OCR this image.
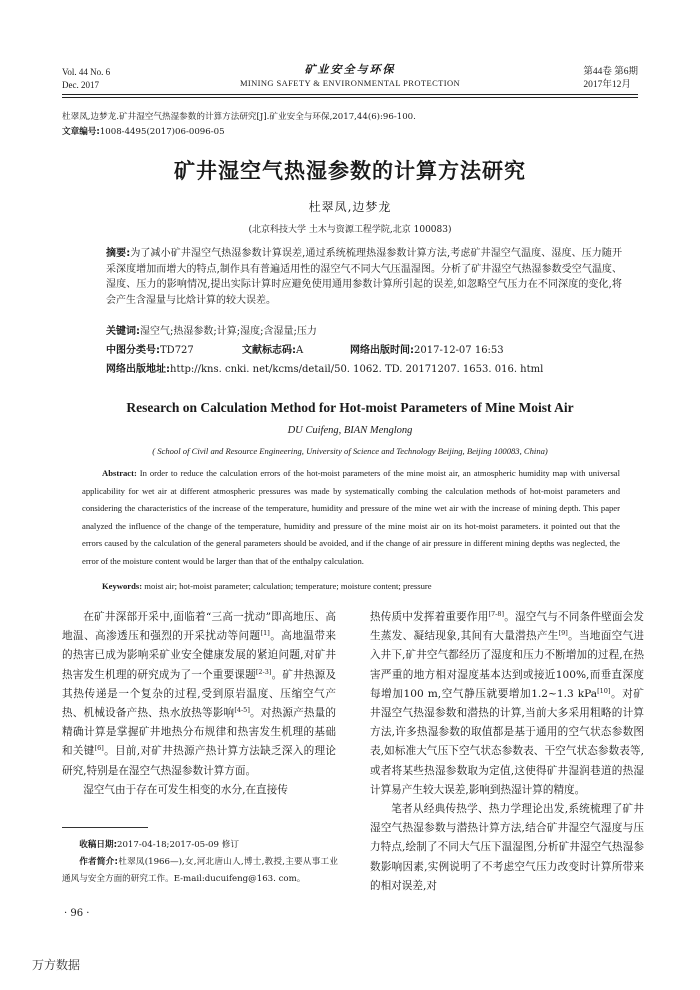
Vol. 44 No. 6
Dec. 2017
矿业安全与环保
MINING SAFETY & ENVIRONMENTAL PROTECTION
第44卷 第6期
2017年12月
杜翠凤,边梦龙.矿井湿空气热湿参数的计算方法研究[J].矿业安全与环保,2017,44(6):96-100.
文章编号:1008-4495(2017)06-0096-05
矿井湿空气热湿参数的计算方法研究
杜翠凤,边梦龙
(北京科技大学 土木与资源工程学院,北京 100083)
摘要:为了减小矿井湿空气热湿参数计算误差,通过系统梳理热湿参数计算方法,考虑矿井湿空气温度、湿度、压力随开采深度增加而增大的特点,制作具有普遍适用性的湿空气不同大气压温湿图。分析了矿井湿空气热湿参数受空气温度、湿度、压力的影响情况,提出实际计算时应避免使用通用参数计算所引起的误差,如忽略空气压力在不同深度的变化,将会产生含湿量与比焓计算的较大误差。
关键词:湿空气;热湿参数;计算;湿度;含湿量;压力
中图分类号:TD727	文献标志码:A	网络出版时间:2017-12-07 16:53
网络出版地址:http://kns. cnki. net/kcms/detail/50. 1062. TD. 20171207. 1653. 016. html
Research on Calculation Method for Hot-moist Parameters of Mine Moist Air
DU Cuifeng, BIAN Menglong
( School of Civil and Resource Engineering, University of Science and Technology Beijing, Beijing 100083, China)
Abstract: In order to reduce the calculation errors of the hot-moist parameters of the mine moist air, an atmospheric humidity map with universal applicability for wet air at different atmospheric pressures was made by systematically combing the calculation methods of hot-moist parameters and considering the characteristics of the increase of the temperature, humidity and pressure of the mine wet air with the increase of mining depth. This paper analyzed the influence of the change of the temperature, humidity and pressure of the mine moist air on its hot-moist parameters. it pointed out that the errors caused by the calculation of the general parameters should be avoided, and if the change of air pressure in different mining depths was neglected, the error of the moisture content would be larger than that of the enthalpy calculation.
Keywords: moist air; hot-moist parameter; calculation; temperature; moisture content; pressure

在矿井深部开采中,面临着“三高一扰动”即高地压、高地温、高渗透压和强烈的开采扰动等问题[1]。高地温带来的热害已成为影响采矿业安全健康发展的紧迫问题,对矿井热害发生机理的研究成为了一个重要课题[2-3]。矿井热源及其热传递是一个复杂的过程,受到原岩温度、压缩空气产热、机械设备产热、热水放热等影响[4-5]。对热源产热量的精确计算是掌握矿井地热分布规律和热害发生机理的基础和关键[6]。目前,对矿井热源产热计算方法缺乏深入的理论研究,特别是在湿空气热湿参数计算方面。

湿空气由于存在可发生相变的水分,在直接传

热传质中发挥着重要作用[7-8]。湿空气与不同条件壁面会发生蒸发、凝结现象,其间有大量潜热产生[9]。当地面空气进入井下,矿井空气都经历了湿度和压力不断增加的过程,在热害严重的地方相对湿度基本达到或接近100%,而垂直深度每增加100 m,空气静压就要增加1.2~1.3 kPa[10]。对矿井湿空气热湿参数和潜热的计算,当前大多采用粗略的计算方法,许多热湿参数的取值都是基于通用的空气状态参数图表,如标准大气压下空气状态参数表、干空气状态参数表等,或者将某些热湿参数取为定值,这使得矿井湿润巷道的热湿计算易产生较大误差,影响到热湿计算的精度。

笔者从经典传热学、热力学理论出发,系统梳理了矿井湿空气热湿参数与潜热计算方法,结合矿井湿空气湿度与压力特点,绘制了不同大气压下温湿图,分析矿井湿空气热湿参数影响因素,实例说明了不考虑空气压力改变时计算所带来的相对误差,对

收稿日期:2017-04-18;2017-05-09 修订

作者简介:杜翠凤(1966—),女,河北唐山人,博士,教授,主要从事工业通风与安全方面的研究工作。E-mail:ducuifeng@163. com。

· 96 ·
万方数据
